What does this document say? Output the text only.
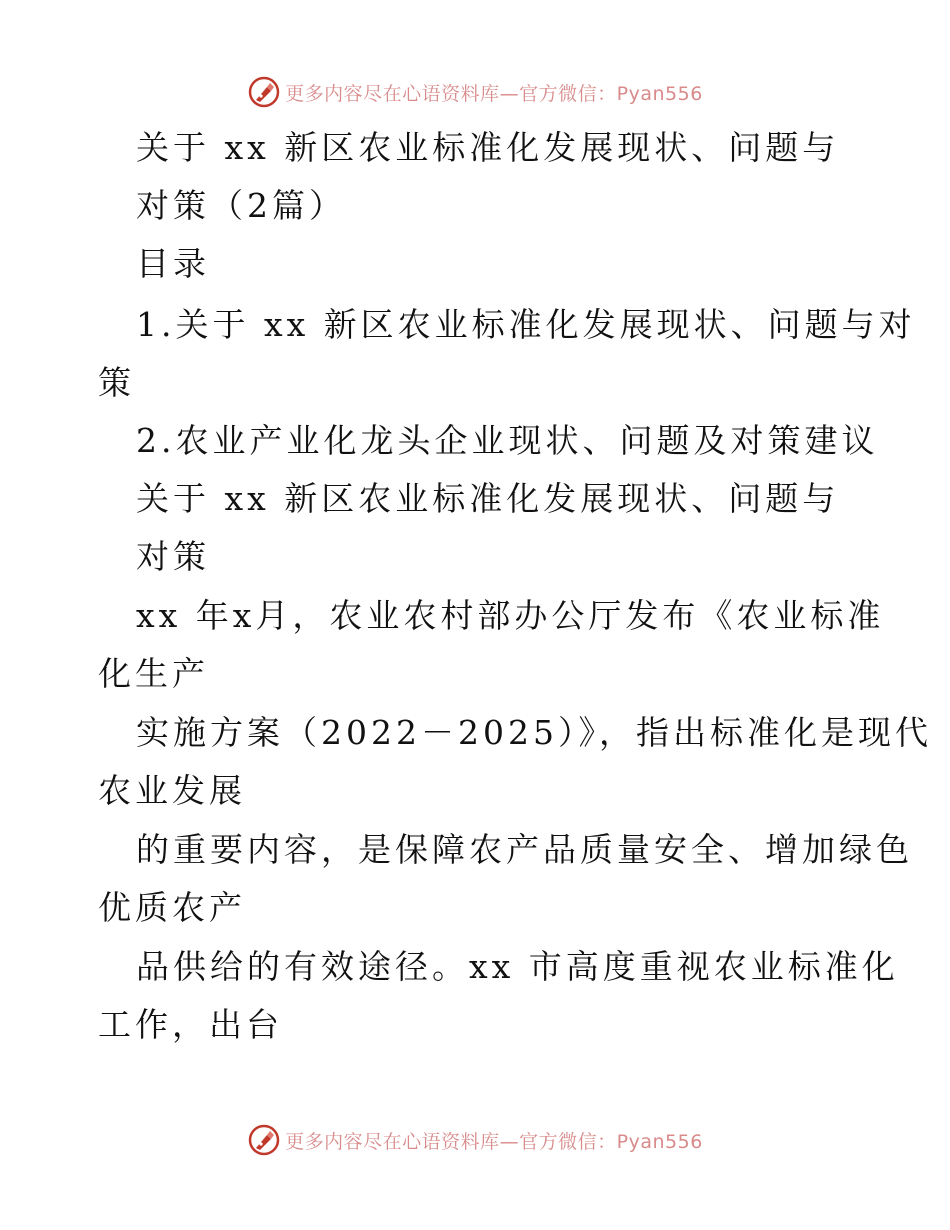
更多内容尽在心语资料库—官方微信：Pyan556
关于 xx 新区农业标准化发展现状、问题与
对策（2篇）
目录
1.关于 xx 新区农业标准化发展现状、问题与对
策
2.农业产业化龙头企业现状、问题及对策建议
关于 xx 新区农业标准化发展现状、问题与
对策
xx 年x月，农业农村部办公厅发布《农业标准
化生产
实施方案（2022－2025）》，指出标准化是现代
农业发展
的重要内容，是保障农产品质量安全、增加绿色
优质农产
品供给的有效途径。xx 市高度重视农业标准化
工作，出台
更多内容尽在心语资料库—官方微信：Pyan556
